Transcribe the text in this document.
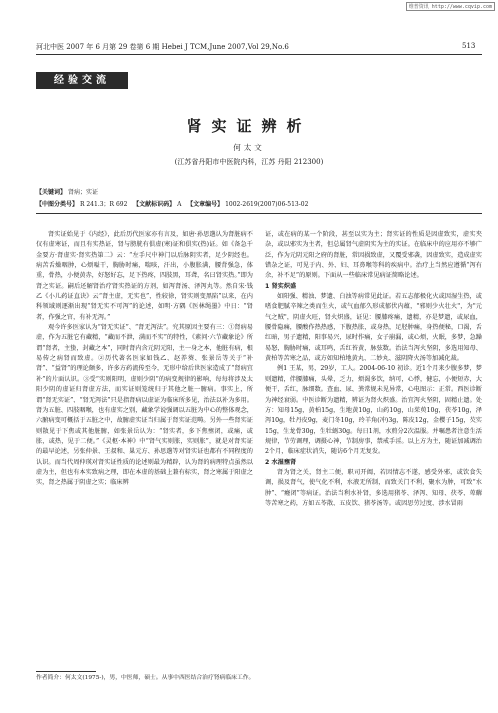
维普资讯 http://www.cqvip.com
河北中医 2007 年 6 月第 29 卷第 6 期 Hebei J TCM,June 2007,Vol 29,No.6	513
经验交流
肾实证辨析
何太文
(江苏省丹阳市中医院内科，江苏 丹阳 212300)
【关键词】 肾病；实证
【中图分类号】 R 241.3；R 692 【文献标识码】 A 【文章编号】 1002-2619(2007)06-513-02

肾实证始见于《内经》，此后历代医家亦有言及，如唐·孙思邈认为肾脏病不仅有虚寒证，而且有实热证，肾与膀胱有俱虚(寒)证和俱实(热)证。如《备急千金要方·肾虚实·肾实热第二》云：“左手尺中神门以后脉阴实者，足少阴经也。病苦舌燥咽肿，心烦嗌干，胸胁时痛，喘咳，汗出，小腹胀满，腰背强急，体重，骨热，小便黄赤，好怒好忘，足下热疼，四肢黑，耳聋，名曰肾实热。”即为肾之实证。嗣后还解肾治疗肾实热证的方剂，如泻肾汤、泽泻丸等。然自宋·钱乙《小儿药证直诀》云“肾主虚，无实也”，性较徐，肾实则变黑陷”以来，在内科领域则逐渐出现“肾无实不可泻”的论述，如明·方隅《医林绳墨》中日：“肾者，作强之官，有补无泻。”

观今许多医家认为“肾无实证”、“肾无泻法”。究其原因主要有三：①肾病易虚，作为五脏它有藏精，“藏而不泄，满而不实”的特性，《素问·六节藏象论》所谓“肾者，主蛰，封藏之本”，同时肾内含元阴元阳，主一身之本，他脏有病，根易传之病肾而致虚。②历代著名医家如钱乙、赵养葵、张景岳等关于“补肾”、“益肾”的理论颇多，许多方药流传至今，无形中给后世医家造成了“肾病宜补”的片面认识。③受“实则阳明，虚则少阴”的病变规律的影响，每每将涉及太阳少阴的虚证归肾虚方法，而实证则笼统归于其他之脏一腑病。事实上，所谓“肾无实证”、“肾无泻法”只是指肾病以虚证为临床所多见，治法以补为多用。肾为五脏、四肢咽喉，也有虚实之别，藏象学说强调以五脏为中心的整体观念，六腑病变可概括于五脏之中，故腑虚实证当归属于肾实证范畴。另外一些肾实证则散见于下焦或其他脏腑，如张景岳认为：“肾实者，多下焦壅闭，或痛，或胀，或热，见于二便。”《灵枢·本神》中“肾气实则胀，实则胀”，就是对肾实证的最早论述，另张仲景、王叔和、巢元方、孙思邈等对肾实证也都有不同程度的认识。而当代周仲瑛对肾实证性质的论述则最为精辟，认为肾的病理特点虽然以虚为主，但也有本实致病之理，即在本虚的基础上兼有标实，肾之寒属于阳虚之实，肾之热属于阴虚之实；临床辨

证，或在病的某一个阶段，甚至以实为主；肾实证的性质是因虚致实，虚实夹杂，或以邪实为主者，但总属肾气虚阴实为主的实证。在临床中的应用亦不够广泛，作为元阴元阳之府的肾脏，常因损致虚，又覆受邪袭，因虚致实，造成虚实错杂之证，可见于内、外、妇、耳鼻喉等科的疾病中。治疗上当然应遵循“泻有余，补不足”的原则。下面从一些临床常见病证简略论述。

1 肾实炽盛

如阳强、精浊、梦遗、白浊等病常见此证。若五志郁极化火或因湿生热，或嗜食肥腻辛辣之类而生火，或气血郁久形成郁伏内蕴，"邪则少火壮火"，为"元气之贼"，阴虚火旺，肾火炽盛，证见：腰膝疼痛，遗精，亦是梦遗，或尿血，腰骨隐痛，腰酸作热热感，下腹热胀，或身热，足胫肿痛，身热便秘，口渴，舌红暗，男子遗精，阳事易兴，尿时作痛，女子崩漏，或心烦，火眠，多梦，急躁易怒，胸胁时痛，或耳鸣，舌红苔黄，脉弦数。治法当泻火坚阴，多选用知母、黄柏等苦寒之品，或方如知柏地黄丸、二妙丸、滋阴降火汤等加减化裁。

例1 王某，男，29岁，工人。2004-06-10 初诊。近1个月来少腹多梦，梦则遗精，伴腰膝痛，头晕，乏力，烦渴多饮，纳可，心悸，健忘，小便短赤，大便干，舌红，脉细数。查血、尿、粪常规未见异常，心电图示：正常。西医诊断为神经衰弱。中医诊断为遗精，辨证为肾火炽盛。治宜泻火坚阴，固精止遗。处方：知母15g，黄柏15g，生地黄10g，山药10g，山茱萸10g，茯苓10g，泽泻10g，牡丹皮9g，麦门冬10g，玲羊角(冲)3g，陈皮12g，金樱子15g，芡实15g，生龙骨30g，生牡蛎30g。每日1剂，水煎分2次温服。并嘱患者注意生活规律，节劳调理，调摄心神，节制房事，禁戒手淫。以上方为主，随证加减调治2个月，临床症状消失，随访6个月无复发。

2 水湿壅肾

肾为肾之关，肾主二便，职司开阖，若因情志不遂，感受外邪，或饮食失调，损及肾气，使气化不利，水液无所制，而致关门不利，聚水为肿，可致“水肿”、“癃闭”等病证。治法当利水补肾，多选用猪苓、泽泻、知母、茯苓、萆薢等苦寒之药，方如五苓散、五皮饮、猪苓汤等。或因思劳过度、涉水冒雨

作者简介：何太文(1975-)，男，中医师，硕士。从事中西医结合治疗肾病临床工作。
